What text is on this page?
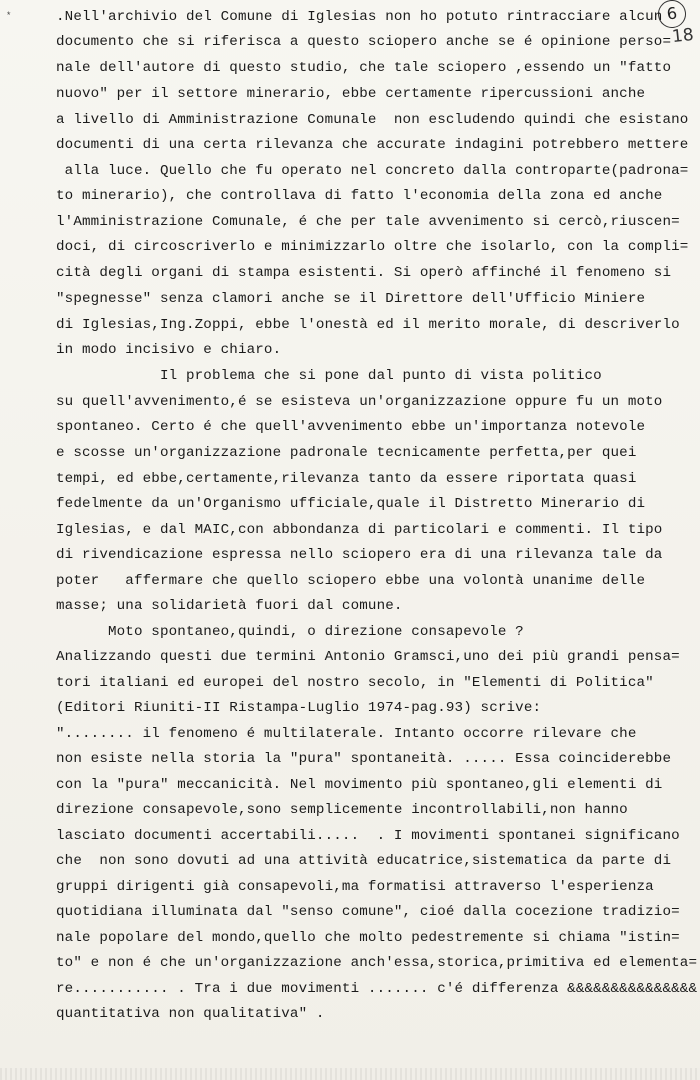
*	6
18
.Nell'archivio del Comune di Iglesias non ho potuto rintracciare alcun
documento che si riferisca a questo sciopero anche se é opinione perso=
nale dell'autore di questo studio, che tale sciopero ,essendo un "fatto
nuovo" per il settore minerario, ebbe certamente ripercussioni anche
a livello di Amministrazione Comunale  non escludendo quindi che esistano
documenti di una certa rilevanza che accurate indagini potrebbero mettere
alla luce. Quello che fu operato nel concreto dalla controparte(padrona=
to minerario), che controllava di fatto l'economia della zona ed anche
l'Amministrazione Comunale, é che per tale avvenimento si cercò,riuscen=
doci, di circoscriverlo e minimizzarlo oltre che isolarlo, con la compli=
cità degli organi di stampa esistenti. Si operò affinché il fenomeno si
"spegnesse" senza clamori anche se il Direttore dell'Ufficio Miniere
di Iglesias,Ing.Zoppi, ebbe l'onestà ed il merito morale, di descriverlo
in modo incisivo e chiaro.
Il problema che si pone dal punto di vista politico
su quell'avvenimento,é se esisteva un'organizzazione oppure fu un moto
spontaneo. Certo é che quell'avvenimento ebbe un'importanza notevole
e scosse un'organizzazione padronale tecnicamente perfetta,per quei
tempi, ed ebbe,certamente,rilevanza tanto da essere riportata quasi
fedelmente da un'Organismo ufficiale,quale il Distretto Minerario di
Iglesias, e dal MAIC,con abbondanza di particolari e commenti. Il tipo
di rivendicazione espressa nello sciopero era di una rilevanza tale da
poter   affermare che quello sciopero ebbe una volontà unanime delle
masse; una solidarietà fuori dal comune.
Moto spontaneo,quindi, o direzione consapevole ?
Analizzando questi due termini Antonio Gramsci,uno dei più grandi pensa=
tori italiani ed europei del nostro secolo, in "Elementi di Politica"
(Editori Riuniti-II Ristampa-Luglio 1974-pag.93) scrive:
"........ il fenomeno é multilaterale. Intanto occorre rilevare che
non esiste nella storia la "pura" spontaneità. ..... Essa coinciderebbe
con la "pura" meccanicità. Nel movimento più spontaneo,gli elementi di
direzione consapevole,sono semplicemente incontrollabili,non hanno
lasciato documenti accertabili.....  . I movimenti spontanei significano
che  non sono dovuti ad una attività educatrice,sistematica da parte di
gruppi dirigenti già consapevoli,ma formatisi attraverso l'esperienza
quotidiana illuminata dal "senso comune", cioé dalla cocezione tradizio=
nale popolare del mondo,quello che molto pedestremente si chiama "istin=
to" e non é che un'organizzazione anch'essa,storica,primitiva ed elementa=
re........... . Tra i due movimenti ....... c'é differenza &&&&&&&&&&&&&&&
quantitativa non qualitativa" .
